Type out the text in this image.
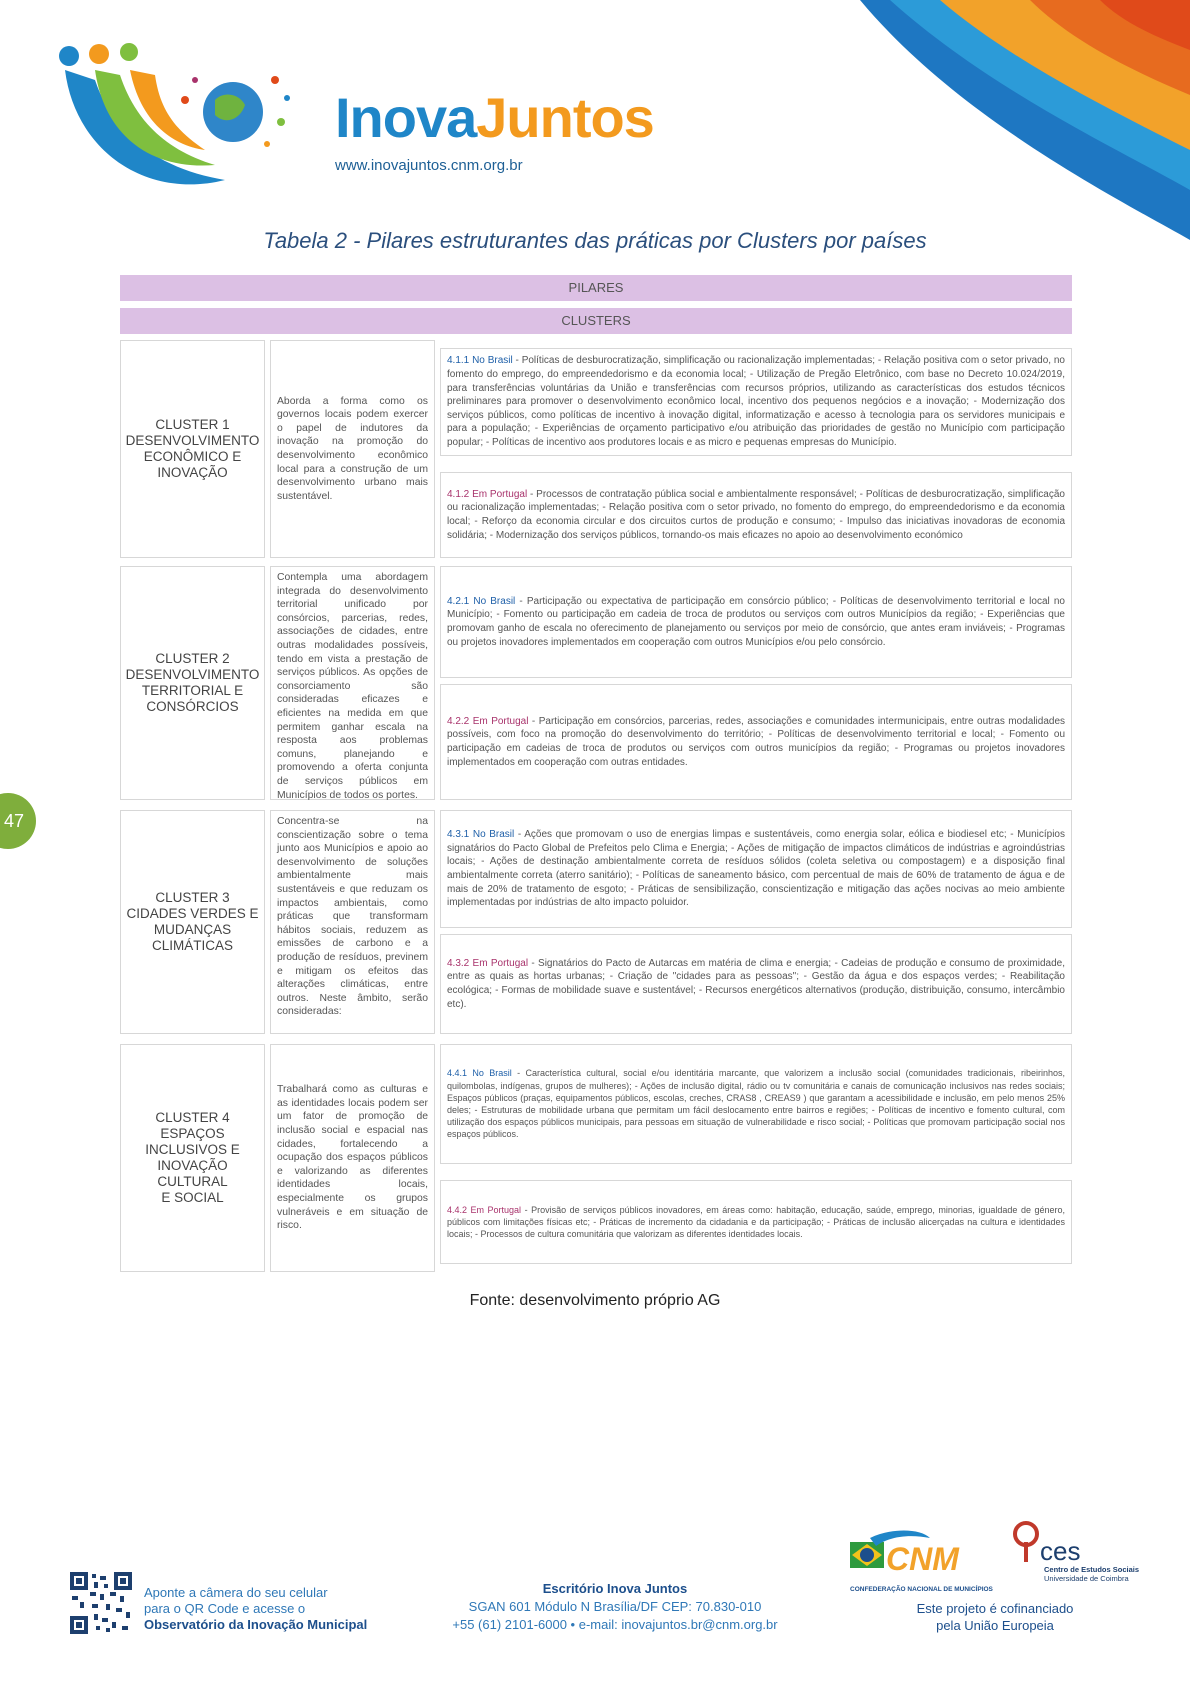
InovaJuntos
www.inovajuntos.cnm.org.br
Tabela 2 - Pilares estruturantes das práticas por Clusters por países
PILARES
CLUSTERS
CLUSTER 1
DESENVOLVIMENTO
ECONÔMICO E
INOVAÇÃO
Aborda a forma como os governos locais podem exercer o papel de indutores da inovação na promoção do desenvolvimento econômico local para a construção de um desenvolvimento urbano mais sustentável.
4.1.1 No Brasil - Políticas de desburocratização, simplificação ou racionalização implementadas; - Relação positiva com o setor privado, no fomento do emprego, do empreendedorismo e da economia local; - Utilização de Pregão Eletrônico, com base no Decreto 10.024/2019, para transferências voluntárias da União e transferências com recursos próprios, utilizando as características dos estudos técnicos preliminares para promover o desenvolvimento econômico local, incentivo dos pequenos negócios e a inovação; - Modernização dos serviços públicos, como políticas de incentivo à inovação digital, informatização e acesso à tecnologia para os servidores municipais e para a população; - Experiências de orçamento participativo e/ou atribuição das prioridades de gestão no Município com participação popular; - Políticas de incentivo aos produtores locais e as micro e pequenas empresas do Município.
4.1.2 Em Portugal - Processos de contratação pública social e ambientalmente responsável; - Políticas de desburocratização, simplificação ou racionalização implementadas; - Relação positiva com o setor privado, no fomento do emprego, do empreendedorismo e da economia local; - Reforço da economia circular e dos circuitos curtos de produção e consumo; - Impulso das iniciativas inovadoras de economia solidária; - Modernização dos serviços públicos, tornando-os mais eficazes no apoio ao desenvolvimento económico
CLUSTER 2
DESENVOLVIMENTO
TERRITORIAL E
CONSÓRCIOS
Contempla uma abordagem integrada do desenvolvimento territorial unificado por consórcios, parcerias, redes, associações de cidades, entre outras modalidades possíveis, tendo em vista a prestação de serviços públicos. As opções de consorciamento são consideradas eficazes e eficientes na medida em que permitem ganhar escala na resposta aos problemas comuns, planejando e promovendo a oferta conjunta de serviços públicos em Municípios de todos os portes.
4.2.1 No Brasil - Participação ou expectativa de participação em consórcio público; - Políticas de desenvolvimento territorial e local no Município; - Fomento ou participação em cadeia de troca de produtos ou serviços com outros Municípios da região; - Experiências que promovam ganho de escala no oferecimento de planejamento ou serviços por meio de consórcio, que antes eram inviáveis; - Programas ou projetos inovadores implementados em cooperação com outros Municípios e/ou pelo consórcio.
4.2.2 Em Portugal - Participação em consórcios, parcerias, redes, associações e comunidades intermunicipais, entre outras modalidades possíveis, com foco na promoção do desenvolvimento do território; - Políticas de desenvolvimento territorial e local; - Fomento ou participação em cadeias de troca de produtos ou serviços com outros municípios da região; - Programas ou projetos inovadores implementados em cooperação com outras entidades.
CLUSTER 3
CIDADES VERDES E
MUDANÇAS
CLIMÁTICAS
Concentra-se na conscientização sobre o tema junto aos Municípios e apoio ao desenvolvimento de soluções ambientalmente mais sustentáveis e que reduzam os impactos ambientais, como práticas que transformam hábitos sociais, reduzem as emissões de carbono e a produção de resíduos, previnem e mitigam os efeitos das alterações climáticas, entre outros. Neste âmbito, serão consideradas:
4.3.1 No Brasil - Ações que promovam o uso de energias limpas e sustentáveis, como energia solar, eólica e biodiesel etc; - Municípios signatários do Pacto Global de Prefeitos pelo Clima e Energia; - Ações de mitigação de impactos climáticos de indústrias e agroindústrias locais; - Ações de destinação ambientalmente correta de resíduos sólidos (coleta seletiva ou compostagem) e a disposição final ambientalmente correta (aterro sanitário); - Políticas de saneamento básico, com percentual de mais de 60% de tratamento de água e de mais de 20% de tratamento de esgoto; - Práticas de sensibilização, conscientização e mitigação das ações nocivas ao meio ambiente implementadas por indústrias de alto impacto poluidor.
4.3.2 Em Portugal - Signatários do Pacto de Autarcas em matéria de clima e energia; - Cadeias de produção e consumo de proximidade, entre as quais as hortas urbanas; - Criação de "cidades para as pessoas"; - Gestão da água e dos espaços verdes; - Reabilitação ecológica; - Formas de mobilidade suave e sustentável; - Recursos energéticos alternativos (produção, distribuição, consumo, intercâmbio etc).
CLUSTER 4
ESPAÇOS
INCLUSIVOS E
INOVAÇÃO CULTURAL
E SOCIAL
Trabalhará como as culturas e as identidades locais podem ser um fator de promoção de inclusão social e espacial nas cidades, fortalecendo a ocupação dos espaços públicos e valorizando as diferentes identidades locais, especialmente os grupos vulneráveis e em situação de risco.
4.4.1 No Brasil - Característica cultural, social e/ou identitária marcante, que valorizem a inclusão social (comunidades tradicionais, ribeirinhos, quilombolas, indígenas, grupos de mulheres); - Ações de inclusão digital, rádio ou tv comunitária e canais de comunicação inclusivos nas redes sociais; Espaços públicos (praças, equipamentos públicos, escolas, creches, CRAS8 , CREAS9 ) que garantam a acessibilidade e inclusão, em pelo menos 25% deles; - Estruturas de mobilidade urbana que permitam um fácil deslocamento entre bairros e regiões; - Políticas de incentivo e fomento cultural, com utilização dos espaços públicos municipais, para pessoas em situação de vulnerabilidade e risco social; - Políticas que promovam participação social nos espaços públicos.
4.4.2 Em Portugal - Provisão de serviços públicos inovadores, em áreas como: habitação, educação, saúde, emprego, minorias, igualdade de género, públicos com limitações físicas etc; - Práticas de incremento da cidadania e da participação; - Práticas de inclusão alicerçadas na cultura e identidades locais; - Processos de cultura comunitária que valorizam as diferentes identidades locais.
Fonte: desenvolvimento próprio AG
47
Aponte a câmera do seu celular
para o QR Code e acesse o
Observatório da Inovação Municipal
Escritório Inova Juntos
SGAN 601 Módulo N Brasília/DF CEP: 70.830-010
+55 (61) 2101-6000 • e-mail: inovajuntos.br@cnm.org.br
CNM
CONFEDERAÇÃO NACIONAL DE MUNICÍPIOS
ces
Centro de Estudos Sociais
Universidade de Coimbra
Este projeto é cofinanciado
pela União Europeia
